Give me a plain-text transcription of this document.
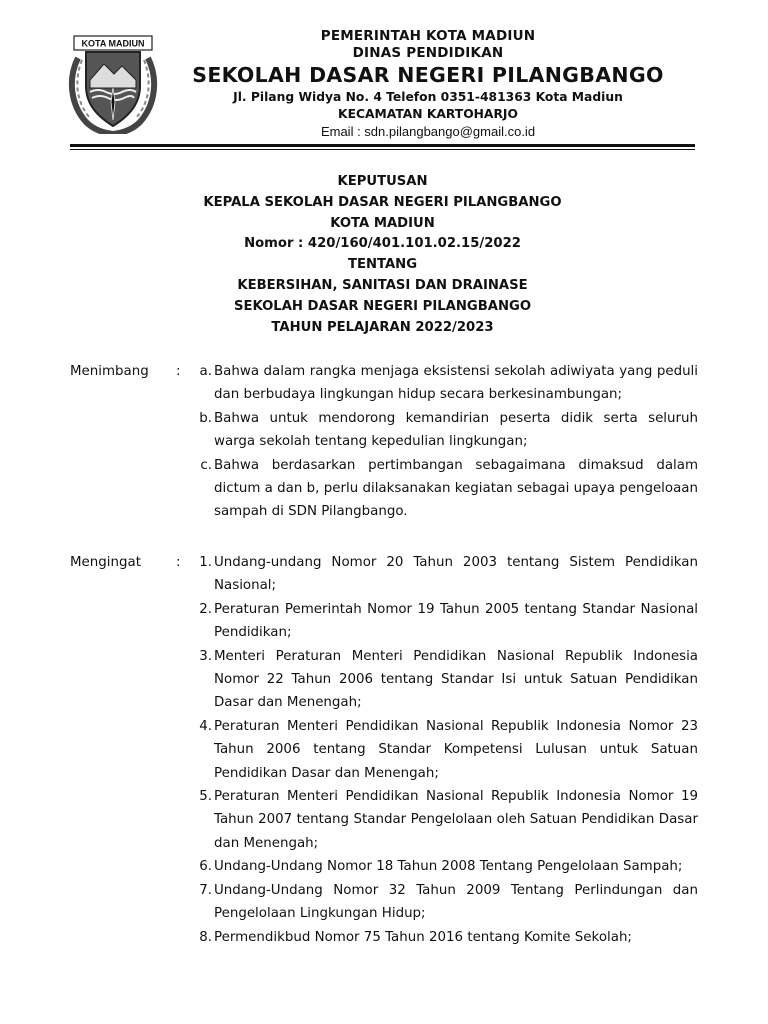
KOTA MADIUN	PEMERINTAH KOTA MADIUN
DINAS PENDIDIKAN
SEKOLAH DASAR NEGERI PILANGBANGO
Jl. Pilang Widya No. 4 Telefon 0351-481363 Kota Madiun
KECAMATAN KARTOHARJO
Email : sdn.pilangbango@gmail.co.id
KEPUTUSAN
KEPALA SEKOLAH DASAR NEGERI PILANGBANGO
KOTA MADIUN
Nomor : 420/160/401.101.02.15/2022
TENTANG
KEBERSIHAN, SANITASI DAN DRAINASE
SEKOLAH DASAR NEGERI PILANGBANGO
TAHUN PELAJARAN 2022/2023
Menimbang :	a. Bahwa dalam rangka menjaga eksistensi sekolah adiwiyata yang peduli dan berbudaya lingkungan hidup secara berkesinambungan;
b. Bahwa untuk mendorong kemandirian peserta didik serta seluruh warga sekolah tentang kepedulian lingkungan;
c. Bahwa berdasarkan pertimbangan sebagaimana dimaksud dalam dictum a dan b, perlu dilaksanakan kegiatan sebagai upaya pengeloaan sampah di SDN Pilangbango.
Mengingat	:	1. Undang-undang Nomor 20 Tahun 2003 tentang Sistem Pendidikan Nasional;
2. Peraturan Pemerintah Nomor 19 Tahun 2005 tentang Standar Nasional Pendidikan;
3. Menteri Peraturan Menteri Pendidikan Nasional Republik Indonesia Nomor 22 Tahun 2006 tentang Standar Isi untuk Satuan Pendidikan Dasar dan Menengah;
4. Peraturan Menteri Pendidikan Nasional Republik Indonesia Nomor 23 Tahun 2006 tentang Standar Kompetensi Lulusan untuk Satuan Pendidikan Dasar dan Menengah;
5. Peraturan Menteri Pendidikan Nasional Republik Indonesia Nomor 19 Tahun 2007 tentang Standar Pengelolaan oleh Satuan Pendidikan Dasar dan Menengah;
6. Undang-Undang Nomor 18 Tahun 2008 Tentang Pengelolaan Sampah;
7. Undang-Undang Nomor 32 Tahun 2009 Tentang Perlindungan dan Pengelolaan Lingkungan Hidup;
8. Permendikbud Nomor 75 Tahun 2016 tentang Komite Sekolah;
